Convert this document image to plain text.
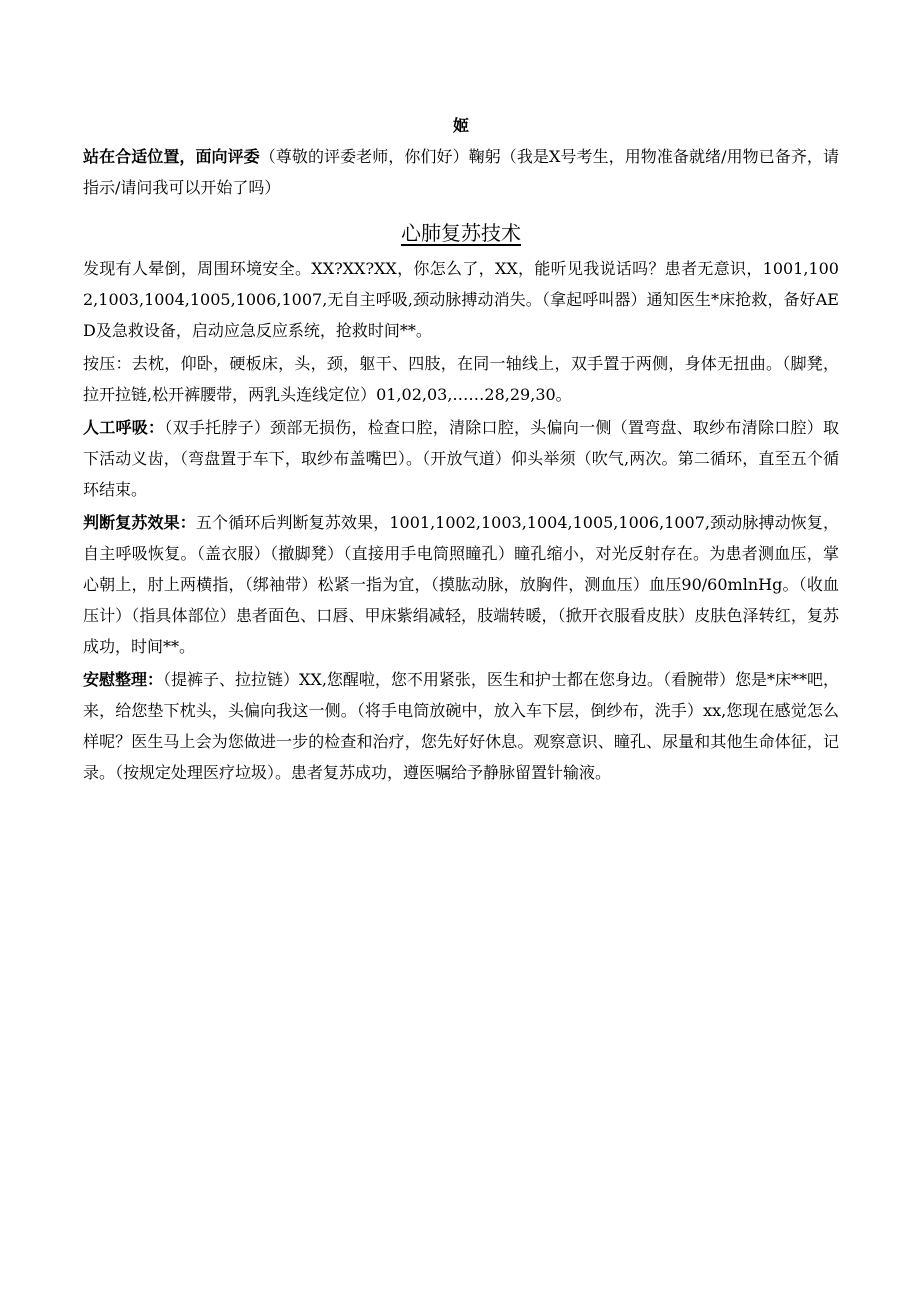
姬

站在合适位置，面向评委（尊敬的评委老师，你们好）鞠躬（我是X号考生，用物准备就绪/用物已备齐，请指示/请问我可以开始了吗）

心肺复苏技术

发现有人晕倒，周围环境安全。XX?XX?XX，你怎么了，XX，能听见我说话吗？患者无意识，1001,1002,1003,1004,1005,1006,1007,无自主呼吸,颈动脉搏动消失。（拿起呼叫器）通知医生*床抢救，备好AED及急救设备，启动应急反应系统，抢救时间**。

按压：去枕，仰卧，硬板床，头，颈，躯干、四肢，在同一轴线上，双手置于两侧，身体无扭曲。（脚凳，拉开拉链,松开裤腰带，两乳头连线定位）01,02,03,……28,29,30。

人工呼吸：（双手托脖子）颈部无损伤，检查口腔，清除口腔，头偏向一侧（置弯盘、取纱布清除口腔）取下活动义齿，（弯盘置于车下，取纱布盖嘴巴）。（开放气道）仰头举须（吹气,两次。第二循环，直至五个循环结束。

判断复苏效果：五个循环后判断复苏效果，1001,1002,1003,1004,1005,1006,1007,颈动脉搏动恢复，自主呼吸恢复。（盖衣服）（撤脚凳）（直接用手电筒照瞳孔）瞳孔缩小，对光反射存在。为患者测血压，掌心朝上，肘上两横指，（绑袖带）松紧一指为宜，（摸肱动脉，放胸件，测血压）血压90/60mlnHg。（收血压计）（指具体部位）患者面色、口唇、甲床紫绢减轻，肢端转暖，（掀开衣服看皮肤）皮肤色泽转红，复苏成功，时间**。

安慰整理：（提裤子、拉拉链）XX,您醒啦，您不用紧张，医生和护士都在您身边。（看腕带）您是*床**吧，来，给您垫下枕头，头偏向我这一侧。（将手电筒放碗中，放入车下层，倒纱布，洗手）xx,您现在感觉怎么样呢？医生马上会为您做进一步的检查和治疗，您先好好休息。观察意识、瞳孔、尿量和其他生命体征，记录。（按规定处理医疗垃圾）。患者复苏成功，遵医嘱给予静脉留置针输液。
